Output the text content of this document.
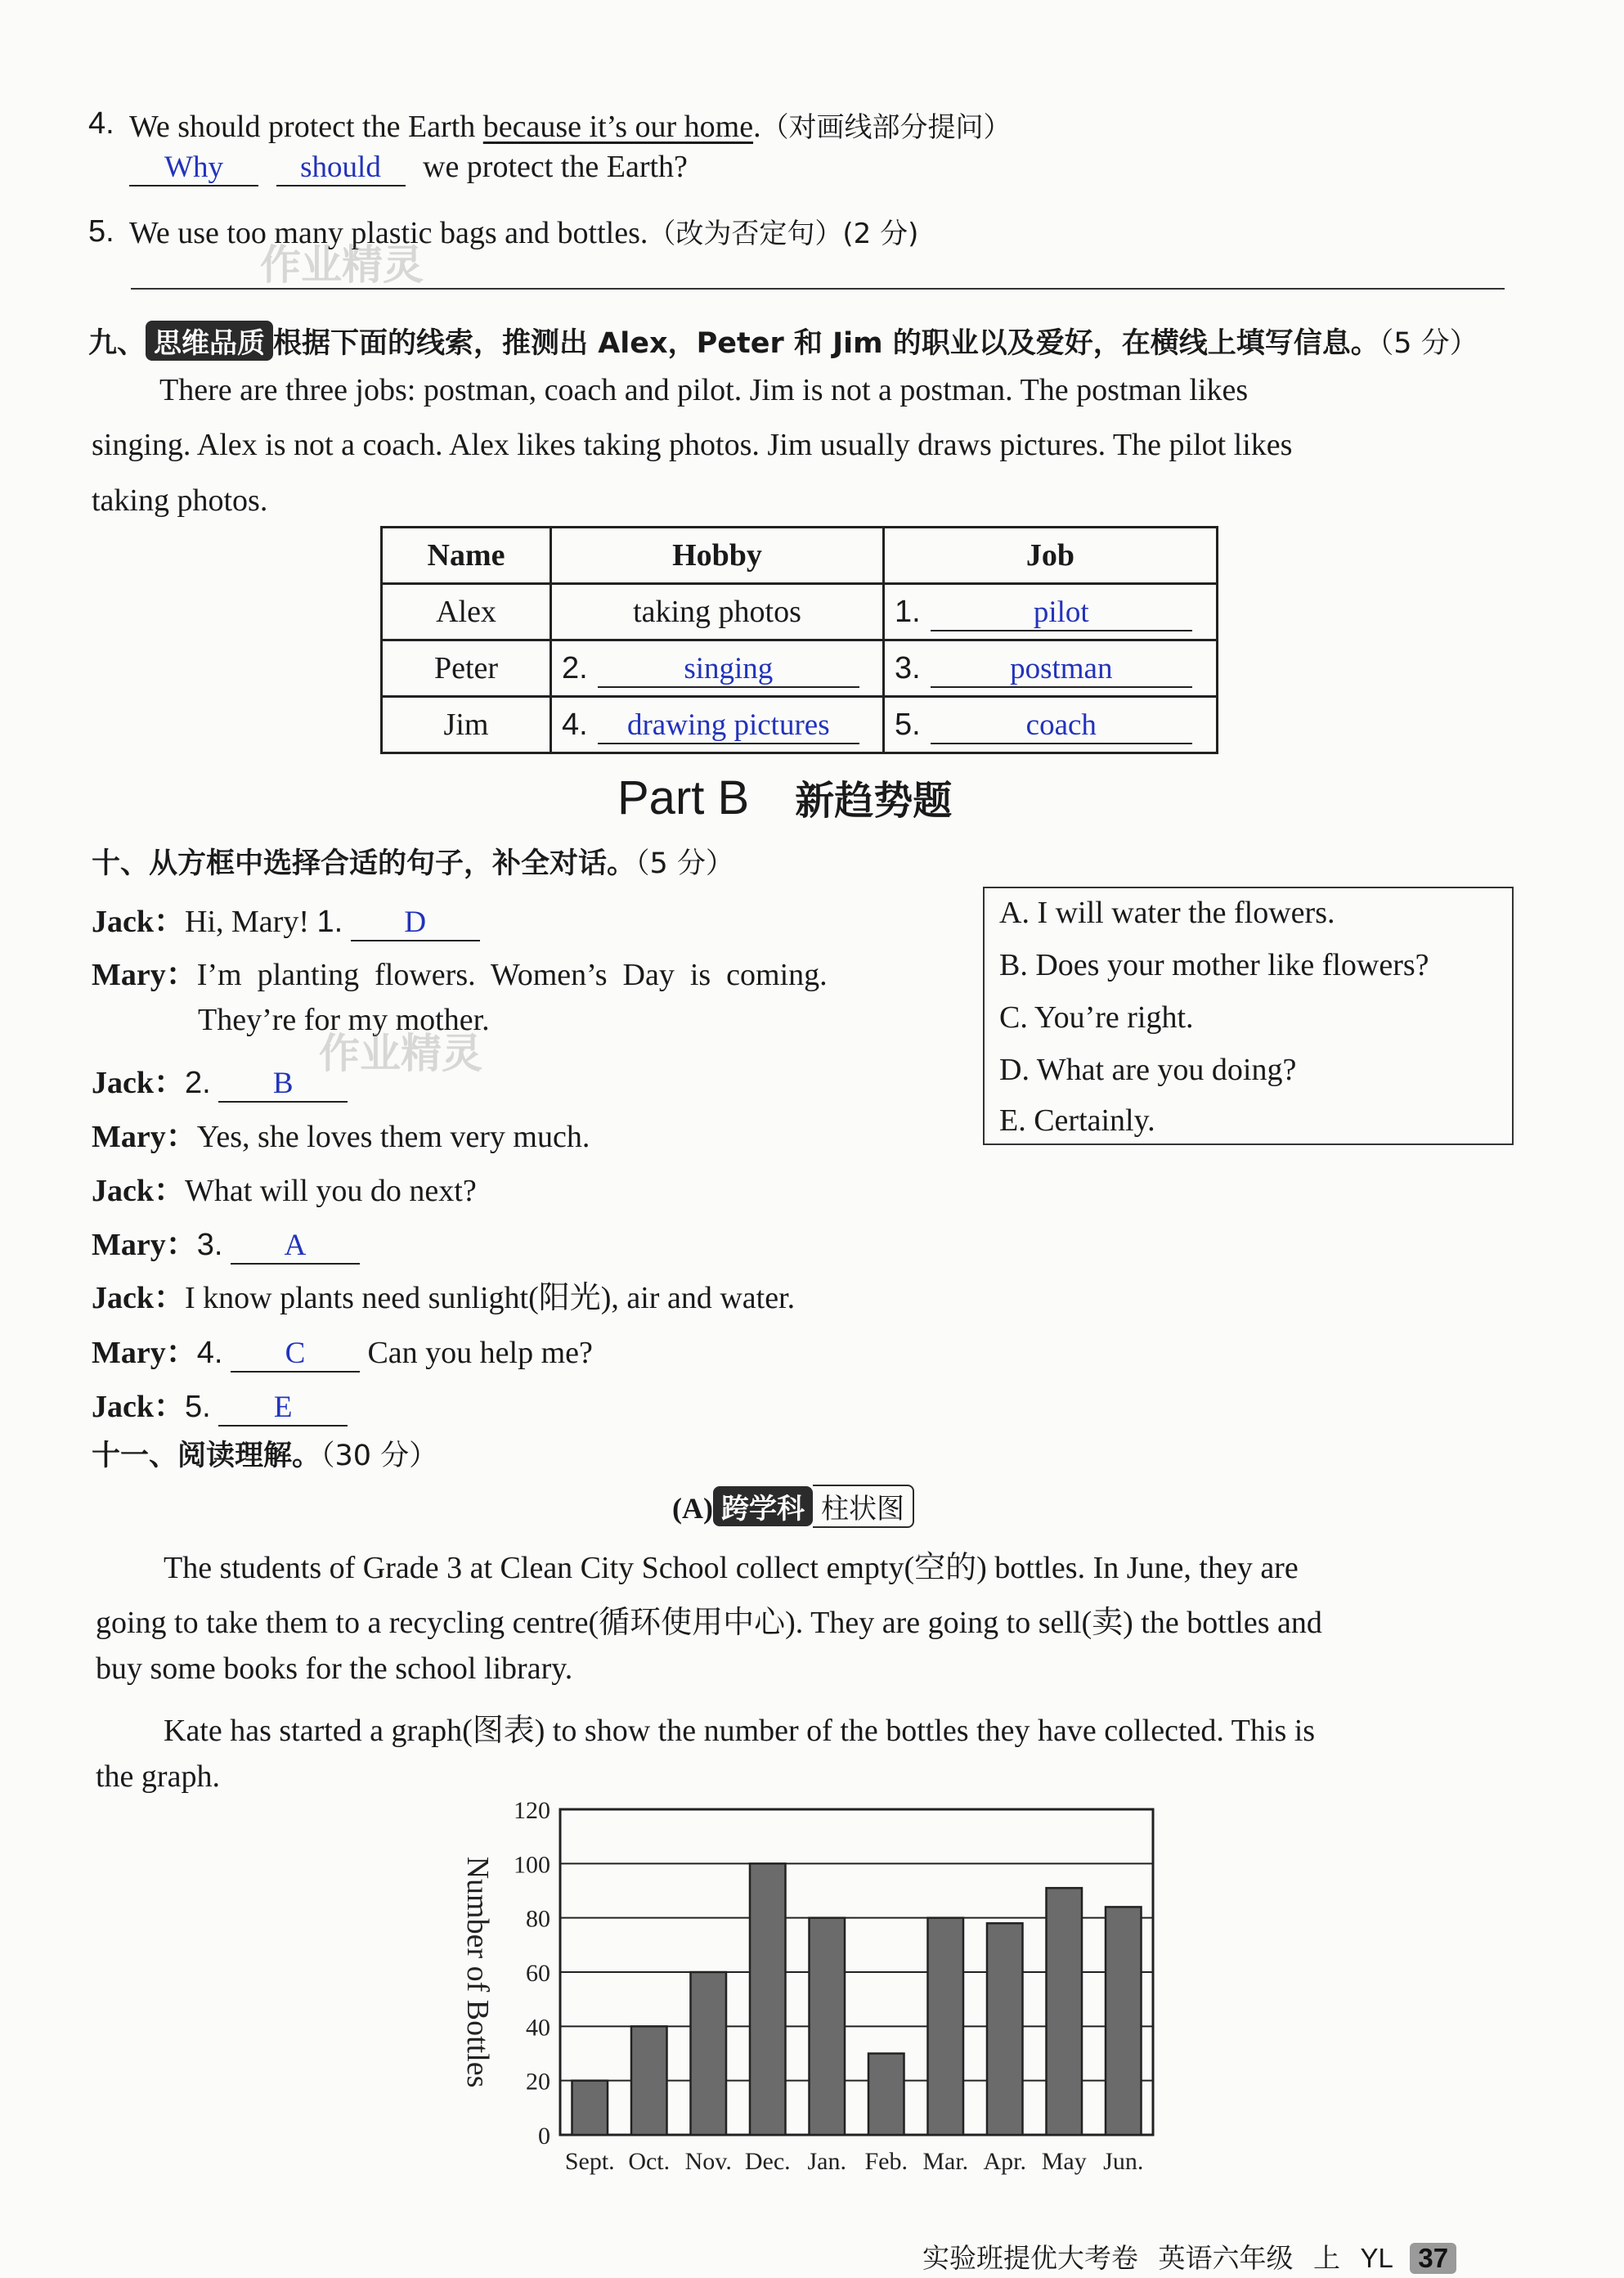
4. We should protect the Earth because it’s our home.（对画线部分提问）
Why	should we protect the Earth?
5. We use too many plastic bags and bottles.（改为否定句）(2 分)
作业精灵
九、 思维品质 根据下面的线索，推测出 Alex，Peter 和 Jim 的职业以及爱好，在横线上填写信息。（5 分）
There are three jobs: postman, coach and pilot. Jim is not a postman. The postman likes
singing. Alex is not a coach. Alex likes taking photos. Jim usually draws pictures. The pilot likes
taking photos.
Name	Hobby	Job
Alex	taking photos	1. pilot
Peter	2. singing	3. postman
Jim	4. drawing pictures	5. coach
Part B 新趋势题
十、从方框中选择合适的句子，补全对话。（5 分）
Jack：Hi, Mary! 1. D
Mary：I’m  planting  flowers.  Women’s  Day  is  coming.
They’re for my mother.
作业精灵
Jack：2. B
Mary：Yes, she loves them very much.
Jack：What will you do next?
Mary：3. A
Jack：I know plants need sunlight(阳光), air and water.
Mary：4. C Can you help me?
Jack：5. E
A. I will water the flowers.
B. Does your mother like flowers?
C. You’re right.
D. What are you doing?
E. Certainly.
十一、阅读理解。（30 分）
(A) 跨学科 柱状图
The students of Grade 3 at Clean City School collect empty(空的) bottles. In June, they are
going to take them to a recycling centre(循环使用中心). They are going to sell(卖) the bottles and
buy some books for the school library.
Kate has started a graph(图表) to show the number of the bottles they have collected. This is
the graph.
0
20
40
60
80
100
120
Number of Bottles
Sept. Oct. Nov. Dec. Jan. Feb. Mar. Apr. May Jun.
实验班提优大考卷 英语六年级 上 YL 37
